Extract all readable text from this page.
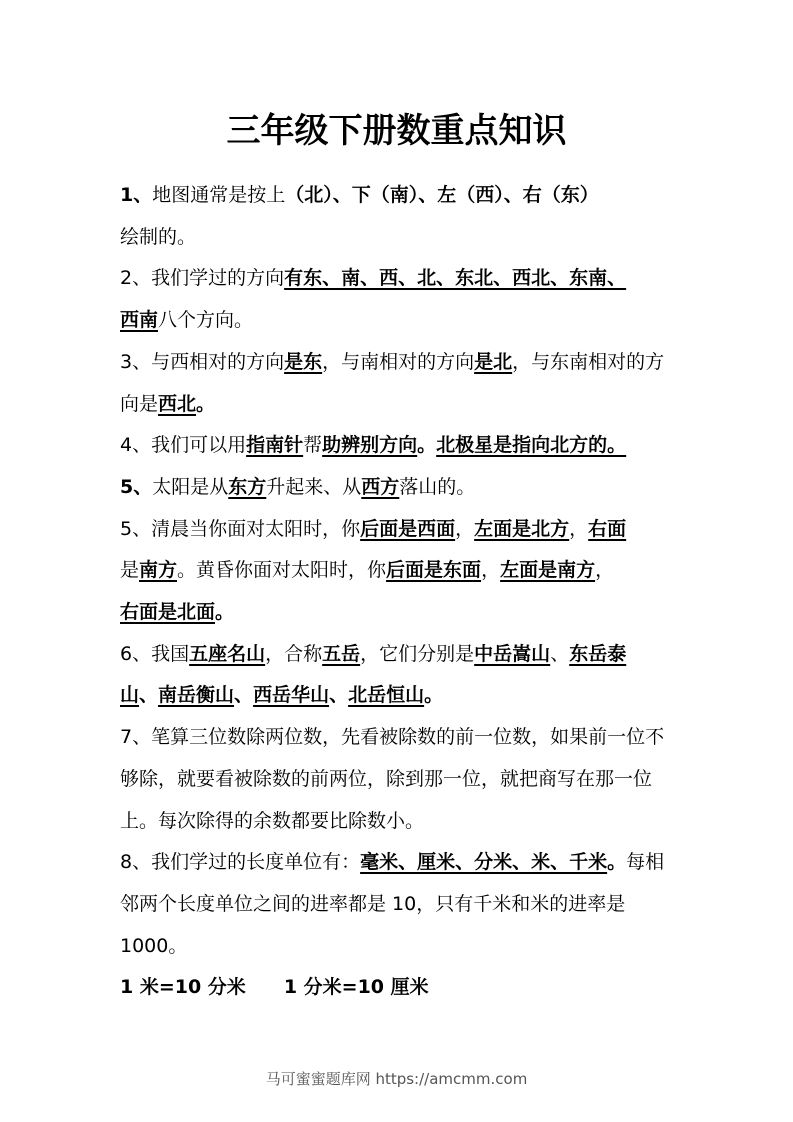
三年级下册数重点知识

1、地图通常是按上（北）、下（南）、左（西）、右（东）
绘制的。

2、我们学过的方向有东、南、西、北、东北、西北、东南、
西南八个方向。

3、与西相对的方向是东，与南相对的方向是北，与东南相对的方向是西北。

4、我们可以用指南针帮助辨别方向。北极星是指向北方的。

5、太阳是从东方升起来、从西方落山的。

5、清晨当你面对太阳时，你后面是西面，左面是北方，右面
是南方。黄昏你面对太阳时，你后面是东面，左面是南方，
右面是北面。

6、我国五座名山，合称五岳，它们分别是中岳嵩山、东岳泰
山、南岳衡山、西岳华山、北岳恒山。

7、笔算三位数除两位数，先看被除数的前一位数，如果前一位不够除，就要看被除数的前两位，除到那一位，就把商写在那一位上。每次除得的余数都要比除数小。

8、我们学过的长度单位有：毫米、厘米、分米、米、千米。每相邻两个长度单位之间的进率都是 10，只有千米和米的进率是 1000。

1 米=10 分米 1 分米=10 厘米

马可蜜蜜题库网 https://amcmm.com
